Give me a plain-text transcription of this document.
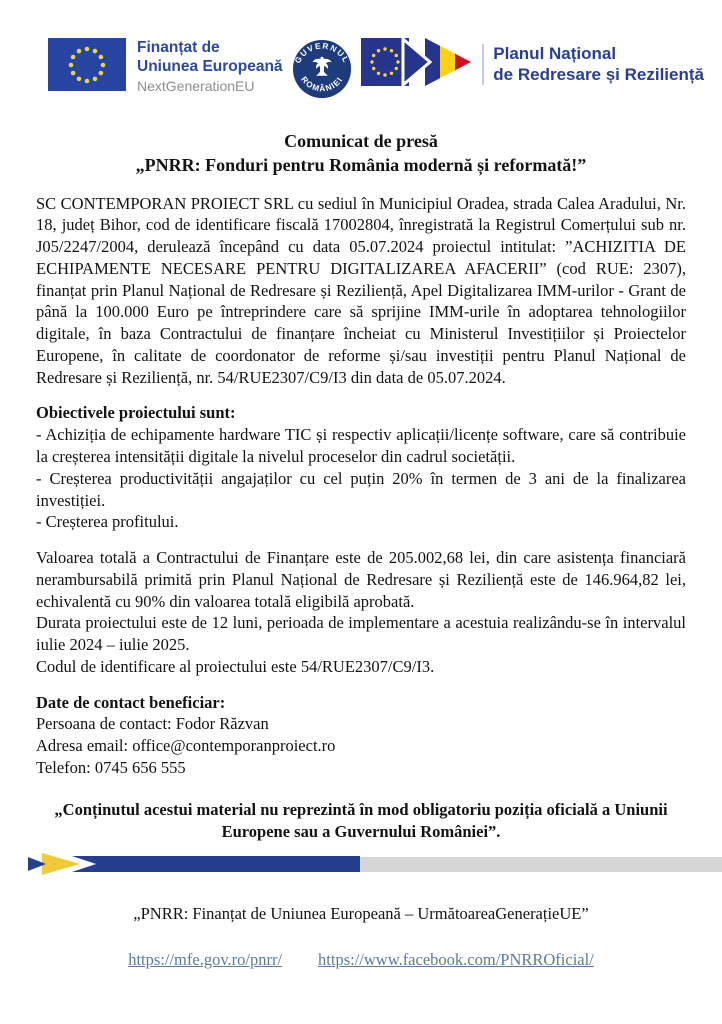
Finanțat de
Uniunea Europeană
NextGenerationEU
GUVERNUL
ROMÂNIEI
Planul Național
de Redresare și Reziliență
Comunicat de presă
„PNRR: Fonduri pentru România modernă și reformată!”

SC CONTEMPORAN PROIECT SRL cu sediul în Municipiul Oradea, strada Calea Aradului, Nr. 18, județ Bihor, cod de identificare fiscală 17002804, înregistrată la Registrul Comerțului sub nr. J05/2247/2004, derulează începând cu data 05.07.2024 proiectul intitulat: ”ACHIZITIA DE ECHIPAMENTE NECESARE PENTRU DIGITALIZAREA AFACERII” (cod RUE: 2307), finanțat prin Planul Național de Redresare și Reziliență, Apel Digitalizarea IMM-urilor - Grant de până la 100.000 Euro pe întreprindere care să sprijine IMM-urile în adoptarea tehnologiilor digitale, în baza Contractului de finanțare încheiat cu Ministerul Investițiilor și Proiectelor Europene, în calitate de coordonator de reforme și/sau investiții pentru Planul Național de Redresare și Reziliență, nr. 54/RUE2307/C9/I3 din data de 05.07.2024.

Obiectivele proiectului sunt:

- Achiziția de echipamente hardware TIC și respectiv aplicații/licențe software, care să contribuie la creșterea intensității digitale la nivelul proceselor din cadrul societății.

- Creșterea productivității angajaților cu cel puțin 20% în termen de 3 ani de la finalizarea investiției.

- Creșterea profitului.

Valoarea totală a Contractului de Finanțare este de 205.002,68 lei, din care asistența financiară nerambursabilă primită prin Planul Național de Redresare și Reziliență este de 146.964,82 lei, echivalentă cu 90% din valoarea totală eligibilă aprobată.

Durata proiectului este de 12 luni, perioada de implementare a acestuia realizându-se în intervalul iulie 2024 – iulie 2025.

Codul de identificare al proiectului este 54/RUE2307/C9/I3.

Date de contact beneficiar:

Persoana de contact: Fodor Răzvan

Adresa email: office@contemporanproiect.ro

Telefon: 0745 656 555

„Conținutul acestui material nu reprezintă în mod obligatoriu poziția oficială a Uniunii Europene sau a Guvernului României”.
„PNRR: Finanțat de Uniunea Europeană – UrmătoareaGenerațieUE”
https://mfe.gov.ro/pnrr/ https://www.facebook.com/PNRROficial/
